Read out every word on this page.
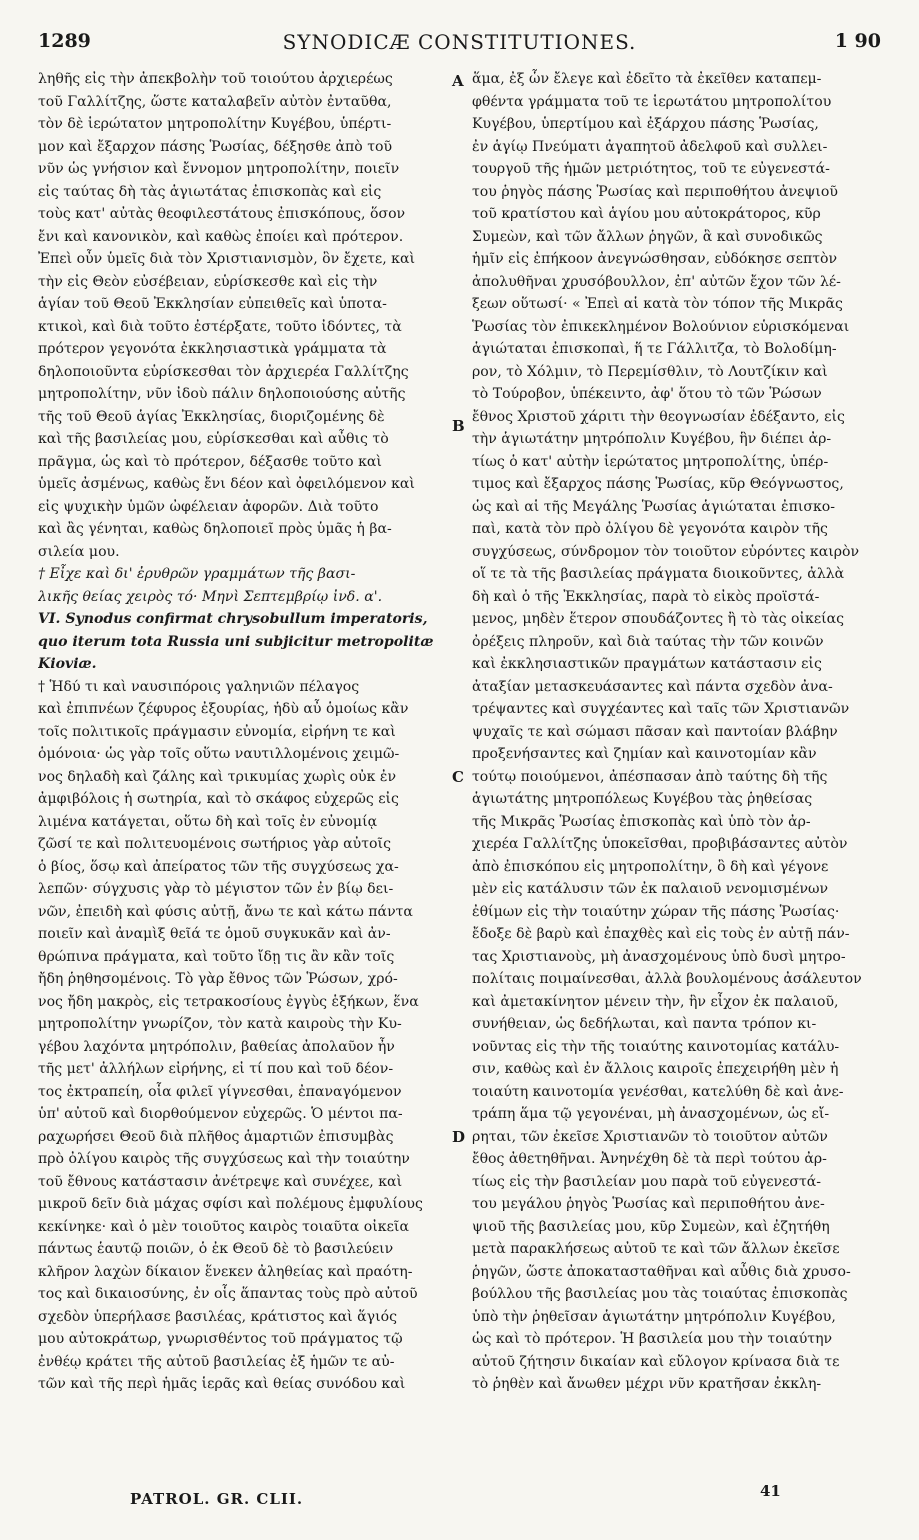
1289	SYNODICÆ CONSTITUTIONES.	1 90
ληθῆς εἰς τὴν ἀπεκβολὴν τοῦ τοιούτου ἀρχιερέως
τοῦ Γαλλίτζης, ὥστε καταλαβεῖν αὐτὸν ἐνταῦθα,
τὸν δὲ ἱερώτατον μητροπολίτην Κυγέβου, ὑπέρτι-
μον καὶ ἔξαρχον πάσης Ῥωσίας, δέξησθε ἀπὸ τοῦ
νῦν ὡς γνήσιον καὶ ἔννομον μητροπολίτην, ποιεῖν
εἰς ταύτας δὴ τὰς ἁγιωτάτας ἐπισκοπὰς καὶ εἰς
τοὺς κατ' αὐτὰς θεοφιλεστάτους ἐπισκόπους, ὅσον
ἔνι καὶ κανονικὸν, καὶ καθὼς ἐποίει καὶ πρότερον.
Ἐπεὶ οὖν ὑμεῖς διὰ τὸν Χριστιανισμὸν, ὃν ἔχετε, καὶ
τὴν εἰς Θεὸν εὐσέβειαν, εὑρίσκεσθε καὶ εἰς τὴν
ἁγίαν τοῦ Θεοῦ Ἐκκλησίαν εὐπειθεῖς καὶ ὑποτα-
κτικοὶ, καὶ διὰ τοῦτο ἐστέρξατε, τοῦτο ἰδόντες, τὰ
πρότερον γεγονότα ἐκκλησιαστικὰ γράμματα τὰ
δηλοποιοῦντα εὑρίσκεσθαι τὸν ἀρχιερέα Γαλλίτζης
μητροπολίτην, νῦν ἰδοὺ πάλιν δηλοποιούσης αὐτῆς
τῆς τοῦ Θεοῦ ἁγίας Ἐκκλησίας, διοριζομένης δὲ
καὶ τῆς βασιλείας μου, εὑρίσκεσθαι καὶ αὖθις τὸ
πρᾶγμα, ὡς καὶ τὸ πρότερον, δέξασθε τοῦτο καὶ
ὑμεῖς ἀσμένως, καθὼς ἔνι δέον καὶ ὀφειλόμενον καὶ
εἰς ψυχικὴν ὑμῶν ὠφέλειαν ἀφορῶν. Διὰ τοῦτο
καὶ ἂς γένηται, καθὼς δηλοποιεῖ πρὸς ὑμᾶς ἡ βα-
σιλεία μου.
† Εἶχε καὶ δι' ἐρυθρῶν γραμμάτων τῆς βασι-
λικῆς θείας χειρὸς τό· Μηνὶ Σεπτεμβρίῳ ἰνδ. α'.
VI. Synodus confirmat chrysobullum imperatoris,
quo iterum tota Russia uni subjicitur metropolitæ
Kioviæ.
† Ἡδύ τι καὶ ναυσιπόροις γαληνιῶν πέλαγος
καὶ ἐπιπνέων ζέφυρος ἐξουρίας, ἡδὺ αὖ ὁμοίως κἂν
τοῖς πολιτικοῖς πράγμασιν εὐνομία, εἰρήνη τε καὶ
ὁμόνοια· ὡς γὰρ τοῖς οὕτω ναυτιλλομένοις χειμῶ-
νος δηλαδὴ καὶ ζάλης καὶ τρικυμίας χωρὶς οὐκ ἐν
ἀμφιβόλοις ἡ σωτηρία, καὶ τὸ σκάφος εὐχερῶς εἰς
λιμένα κατάγεται, οὕτω δὴ καὶ τοῖς ἐν εὐνομίᾳ
ζῶσί τε καὶ πολιτευομένοις σωτήριος γὰρ αὐτοῖς
ὁ βίος, ὅσῳ καὶ ἀπείρατος τῶν τῆς συγχύσεως χα-
λεπῶν· σύγχυσις γὰρ τὸ μέγιστον τῶν ἐν βίῳ δει-
νῶν, ἐπειδὴ καὶ φύσις αὐτῇ, ἄνω τε καὶ κάτω πάντα
ποιεῖν καὶ ἀναμὶξ θεῖά τε ὁμοῦ συγκυκᾶν καὶ ἀν-
θρώπινα πράγματα, καὶ τοῦτο ἴδῃ τις ἂν κἂν τοῖς
ἤδη ῥηθησομένοις. Τὸ γὰρ ἔθνος τῶν Ῥώσων, χρό-
νος ἤδη μακρὸς, εἰς τετρακοσίους ἐγγὺς ἑξήκων, ἕνα
μητροπολίτην γνωρίζον, τὸν κατὰ καιροὺς τὴν Κυ-
γέβου λαχόντα μητρόπολιν, βαθείας ἀπολαῦον ἦν
τῆς μετ' ἀλλήλων εἰρήνης, εἰ τί που καὶ τοῦ δέον-
τος ἐκτραπείη, οἷα φιλεῖ γίγνεσθαι, ἐπαναγόμενον
ὑπ' αὐτοῦ καὶ διορθούμενον εὐχερῶς. Ὁ μέντοι πα-
ραχωρήσει Θεοῦ διὰ πλῆθος ἁμαρτιῶν ἐπισυμβὰς
πρὸ ὀλίγου καιρὸς τῆς συγχύσεως καὶ τὴν τοιαύτην
τοῦ ἔθνους κατάστασιν ἀνέτρεψε καὶ συνέχεε, καὶ
μικροῦ δεῖν διὰ μάχας σφίσι καὶ πολέμους ἐμφυλίους
κεκίνηκε· καὶ ὁ μὲν τοιοῦτος καιρὸς τοιαῦτα οἰκεῖα
πάντως ἑαυτῷ ποιῶν, ὁ ἐκ Θεοῦ δὲ τὸ βασιλεύειν
κλῆρον λαχὼν δίκαιον ἕνεκεν ἀληθείας καὶ πραότη-
τος καὶ δικαιοσύνης, ἐν οἷς ἅπαντας τοὺς πρὸ αὐτοῦ
σχεδὸν ὑπερήλασε βασιλέας, κράτιστος καὶ ἅγιός
μου αὐτοκράτωρ, γνωρισθέντος τοῦ πράγματος τῷ
ἐνθέῳ κράτει τῆς αὐτοῦ βασιλείας ἐξ ἡμῶν τε αὐ-
τῶν καὶ τῆς περὶ ἡμᾶς ἱερᾶς καὶ θείας συνόδου καὶ
ἅμα, ἐξ ὧν ἔλεγε καὶ ἐδεῖτο τὰ ἐκεῖθεν καταπεμ-
φθέντα γράμματα τοῦ τε ἱερωτάτου μητροπολίτου
Κυγέβου, ὑπερτίμου καὶ ἐξάρχου πάσης Ῥωσίας,
ἐν ἁγίῳ Πνεύματι ἀγαπητοῦ ἀδελφοῦ καὶ συλλει-
τουργοῦ τῆς ἡμῶν μετριότητος, τοῦ τε εὐγενεστά-
του ῥηγὸς πάσης Ῥωσίας καὶ περιποθήτου ἀνεψιοῦ
τοῦ κρατίστου καὶ ἁγίου μου αὐτοκράτορος, κῦρ
Συμεὼν, καὶ τῶν ἄλλων ῥηγῶν, ἃ καὶ συνοδικῶς
ἡμῖν εἰς ἐπήκοον ἀνεγνώσθησαν, εὐδόκησε σεπτὸν
ἀπολυθῆναι χρυσόβουλλον, ἐπ' αὐτῶν ἔχον τῶν λέ-
ξεων οὕτωσί· « Ἐπεὶ αἱ κατὰ τὸν τόπον τῆς Μικρᾶς
Ῥωσίας τὸν ἐπικεκλημένον Βολούνιον εὑρισκόμεναι
ἁγιώταται ἐπισκοπαὶ, ἥ τε Γάλλιτζα, τὸ Βολοδίμη-
ρον, τὸ Χόλμιν, τὸ Περεμίσθλιν, τὸ Λουτζίκιν καὶ
τὸ Τούροβον, ὑπέκειντο, ἀφ' ὅτου τὸ τῶν Ῥώσων
ἔθνος Χριστοῦ χάριτι τὴν θεογνωσίαν ἐδέξαντο, εἰς
τὴν ἁγιωτάτην μητρόπολιν Κυγέβου, ἣν διέπει ἀρ-
τίως ὁ κατ' αὐτὴν ἱερώτατος μητροπολίτης, ὑπέρ-
τιμος καὶ ἔξαρχος πάσης Ῥωσίας, κῦρ Θεόγνωστος,
ὡς καὶ αἱ τῆς Μεγάλης Ῥωσίας ἁγιώταται ἐπισκο-
παὶ, κατὰ τὸν πρὸ ὀλίγου δὲ γεγονότα καιρὸν τῆς
συγχύσεως, σύνδρομον τὸν τοιοῦτον εὑρόντες καιρὸν
οἵ τε τὰ τῆς βασιλείας πράγματα διοικοῦντες, ἀλλὰ
δὴ καὶ ὁ τῆς Ἐκκλησίας, παρὰ τὸ εἰκὸς προϊστά-
μενος, μηδὲν ἕτερον σπουδάζοντες ἢ τὸ τὰς οἰκείας
ὀρέξεις πληροῦν, καὶ διὰ ταύτας τὴν τῶν κοινῶν
καὶ ἐκκλησιαστικῶν πραγμάτων κατάστασιν εἰς
ἀταξίαν μετασκευάσαντες καὶ πάντα σχεδὸν ἀνα-
τρέψαντες καὶ συγχέαντες καὶ ταῖς τῶν Χριστιανῶν
ψυχαῖς τε καὶ σώμασι πᾶσαν καὶ παντοίαν βλάβην
προξενήσαντες καὶ ζημίαν καὶ καινοτομίαν κἂν
τούτῳ ποιούμενοι, ἀπέσπασαν ἀπὸ ταύτης δὴ τῆς
ἁγιωτάτης μητροπόλεως Κυγέβου τὰς ῥηθείσας
τῆς Μικρᾶς Ῥωσίας ἐπισκοπὰς καὶ ὑπὸ τὸν ἀρ-
χιερέα Γαλλίτζης ὑποκεῖσθαι, προβιβάσαντες αὐτὸν
ἀπὸ ἐπισκόπου εἰς μητροπολίτην, ὃ δὴ καὶ γέγονε
μὲν εἰς κατάλυσιν τῶν ἐκ παλαιοῦ νενομισμένων
ἐθίμων εἰς τὴν τοιαύτην χώραν τῆς πάσης Ῥωσίας·
ἔδοξε δὲ βαρὺ καὶ ἐπαχθὲς καὶ εἰς τοὺς ἐν αὐτῇ πάν-
τας Χριστιανοὺς, μὴ ἀνασχομένους ὑπὸ δυσὶ μητρο-
πολίταις ποιμαίνεσθαι, ἀλλὰ βουλομένους ἀσάλευτον
καὶ ἀμετακίνητον μένειν τὴν, ἣν εἶχον ἐκ παλαιοῦ,
συνήθειαν, ὡς δεδήλωται, καὶ παντα τρόπον κι-
νοῦντας εἰς τὴν τῆς τοιαύτης καινοτομίας κατάλυ-
σιν, καθὼς καὶ ἐν ἄλλοις καιροῖς ἐπεχειρήθη μὲν ἡ
τοιαύτη καινοτομία γενέσθαι, κατελύθη δὲ καὶ ἀνε-
τράπη ἅμα τῷ γεγονέναι, μὴ ἀνασχομένων, ὡς εἴ-
ρηται, τῶν ἐκεῖσε Χριστιανῶν τὸ τοιοῦτον αὐτῶν
ἔθος ἀθετηθῆναι. Ἀνηνέχθη δὲ τὰ περὶ τούτου ἀρ-
τίως εἰς τὴν βασιλείαν μου παρὰ τοῦ εὐγενεστά-
του μεγάλου ῥηγὸς Ῥωσίας καὶ περιποθήτου ἀνε-
ψιοῦ τῆς βασιλείας μου, κῦρ Συμεὼν, καὶ ἐζητήθη
μετὰ παρακλήσεως αὐτοῦ τε καὶ τῶν ἄλλων ἐκεῖσε
ῥηγῶν, ὥστε ἀποκατασταθῆναι καὶ αὖθις διὰ χρυσο-
βούλλου τῆς βασιλείας μου τὰς τοιαύτας ἐπισκοπὰς
ὑπὸ τὴν ῥηθεῖσαν ἁγιωτάτην μητρόπολιν Κυγέβου,
ὡς καὶ τὸ πρότερον. Ἡ βασιλεία μου τὴν τοιαύτην
αὐτοῦ ζήτησιν δικαίαν καὶ εὔλογον κρίνασα διὰ τε
τὸ ῥηθὲν καὶ ἄνωθεν μέχρι νῦν κρατῆσαν ἐκκλη-
A
B
C
D
PATROL. GR. CLII.	41
